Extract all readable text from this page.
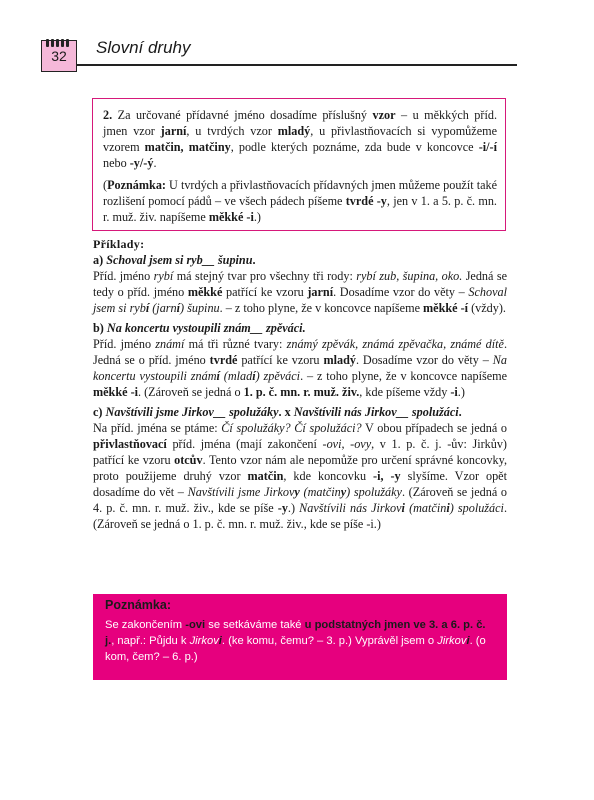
32	Slovní druhy

2. Za určované přídavné jméno dosadíme příslušný vzor – u měkkých příd. jmen vzor jarní, u tvrdých vzor mladý, u přivlastňovacích si vypomůžeme vzorem matčin, matčiny, podle kterých poznáme, zda bude v koncovce -i/-í nebo -y/-ý.

(Poznámka: U tvrdých a přivlastňovacích přídavných jmen můžeme použít také rozlišení pomocí pádů – ve všech pádech píšeme tvrdé -y, jen v 1. a 5. p. č. mn. r. muž. živ. napíšeme měkké -i.)

Příklady:

a) Schoval jsem si ryb__ šupinu.

Příd. jméno rybí má stejný tvar pro všechny tři rody: rybí zub, šupina, oko. Jedná se tedy o příd. jméno měkké patřící ke vzoru jarní. Dosadíme vzor do věty – Schoval jsem si rybí (jarní) šupinu. – z toho plyne, že v koncovce napíšeme měkké -í (vždy).

b) Na koncertu vystoupili znám__ zpěváci.

Příd. jméno známí má tři různé tvary: známý zpěvák, známá zpěvačka, známé dítě. Jedná se o příd. jméno tvrdé patřící ke vzoru mladý. Dosadíme vzor do věty – Na koncertu vystoupili známí (mladí) zpěváci. – z toho plyne, že v koncovce napíšeme měkké -i. (Zároveň se jedná o 1. p. č. mn. r. muž. živ., kde píšeme vždy -i.)

c) Navštívili jsme Jirkov__ spolužáky. x Navštívili nás Jirkov__ spolužáci.

Na příd. jména se ptáme: Čí spolužáky? Čí spolužáci? V obou případech se jedná o přivlastňovací příd. jména (mají zakončení -ovi, -ovy, v 1. p. č. j. -ův: Jirkův) patřící ke vzoru otcův. Tento vzor nám ale nepomůže pro určení správné koncovky, proto použijeme druhý vzor matčin, kde koncovku -i, -y slyšíme. Vzor opět dosadíme do vět – Navštívili jsme Jirkovy (matčiny) spolužáky. (Zároveň se jedná o 4. p. č. mn. r. muž. živ., kde se píše -y.) Navštívili nás Jirkovi (matčini) spolužáci. (Zároveň se jedná o 1. p. č. mn. r. muž. živ., kde se píše -i.)

Poznámka:
Se zakončením -ovi se setkáváme také u podstatných jmen ve 3. a 6. p. č. j., např.: Půjdu k Jirkovi. (ke komu, čemu? – 3. p.) Vyprávěl jsem o Jirkovi. (o kom, čem? – 6. p.)
